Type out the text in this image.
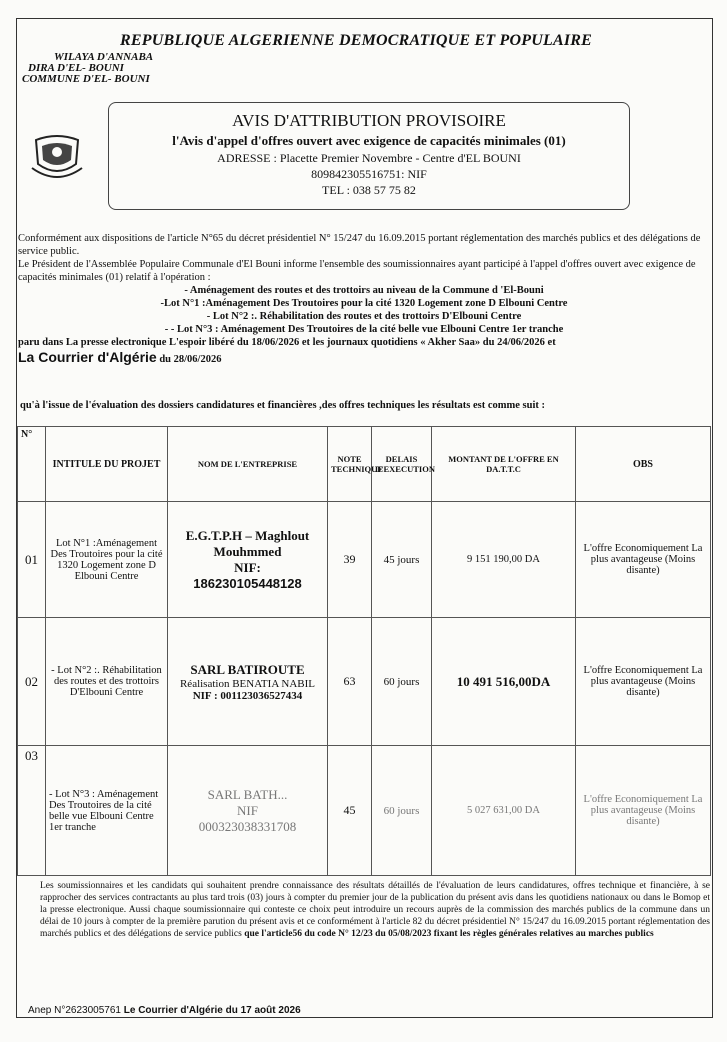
REPUBLIQUE ALGERIENNE DEMOCRATIQUE ET POPULAIRE
WILAYA D'ANNABA
DIRA D'EL- BOUNI
COMMUNE D'EL- BOUNI
AVIS D'ATTRIBUTION PROVISOIRE
l'Avis d'appel d'offres ouvert avec exigence de capacités minimales (01)
ADRESSE : Placette Premier Novembre - Centre d'EL BOUNI
809842305516751: NIF
TEL : 038 57 75 82

Conformément aux dispositions de l'article N°65 du décret présidentiel N° 15/247 du 16.09.2015 portant réglementation des marchés publics et des délégations de service public.

Le Président de l'Assemblée Populaire Communale d'El Bouni informe l'ensemble des soumissionnaires ayant participé à l'appel d'offres ouvert avec exigence de capacités minimales (01) relatif à l'opération :

- Aménagement des routes et des trottoirs au niveau de la Commune d 'El-Bouni

-Lot N°1 :Aménagement Des Troutoires pour la cité 1320 Logement zone D Elbouni Centre

- Lot N°2 :. Réhabilitation des routes et des trottoirs D'Elbouni Centre

- - Lot N°3 : Aménagement Des Troutoires de la cité belle vue Elbouni Centre 1er tranche

paru dans La presse electronique L'espoir libéré du 18/06/2026 et les journaux quotidiens « Akher Saa» du 24/06/2026 et

La Courrier d'Algérie du 28/06/2026

qu'à l'issue de l'évaluation des dossiers candidatures et financières ,des offres techniques les résultats est comme suit :
N°	INTITULE DU PROJET	NOM DE L'ENTREPRISE	NOTE TECHNIQUE	DELAIS D'EXECUTION	MONTANT DE L'OFFRE EN DA.T.T.C	OBS
01	Lot N°1 :Aménagement Des Troutoires pour la cité 1320 Logement zone D Elbouni Centre	E.G.T.P.H – Maghlout Mouhmmed
NIF:
186230105448128	39	45 jours	9 151 190,00 DA	L'offre Economiquement La plus avantageuse (Moins disante)
02	- Lot N°2 :. Réhabilitation des routes et des trottoirs D'Elbouni Centre	SARL BATIROUTE
Réalisation BENATIA NABIL
NIF : 001123036527434	63	60 jours	10 491 516,00DA	L'offre Economiquement La plus avantageuse (Moins disante)
03	- Lot N°3 : Aménagement Des Troutoires de la cité belle vue Elbouni Centre 1er tranche	SARL BATH...
NIF
000323038331708	45	60 jours	5 027 631,00 DA	L'offre Economiquement La plus avantageuse (Moins disante)
Les soumissionnaires et les candidats qui souhaitent prendre connaissance des résultats détaillés de l'évaluation de leurs candidatures, offres technique et financière, à se rapprocher des services contractants au plus tard trois (03) jours à compter du premier jour de la publication du présent avis dans les quotidiens nationaux ou dans le Bomop et la presse electronique. Aussi chaque soumissionnaire qui conteste ce choix peut introduire un recours auprès de la commission des marchés publics de la commune dans un délai de 10 jours à compter de la première parution du présent avis et ce conformément à l'article 82 du décret présidentiel N° 15/247 du 16.09.2015 portant réglementation des marchés publics et des délégations de service publics que l'article56 du code N° 12/23 du 05/08/2023 fixant les règles générales relatives au marches publics
Anep N°2623005761 Le Courrier d'Algérie du 17 août 2026
